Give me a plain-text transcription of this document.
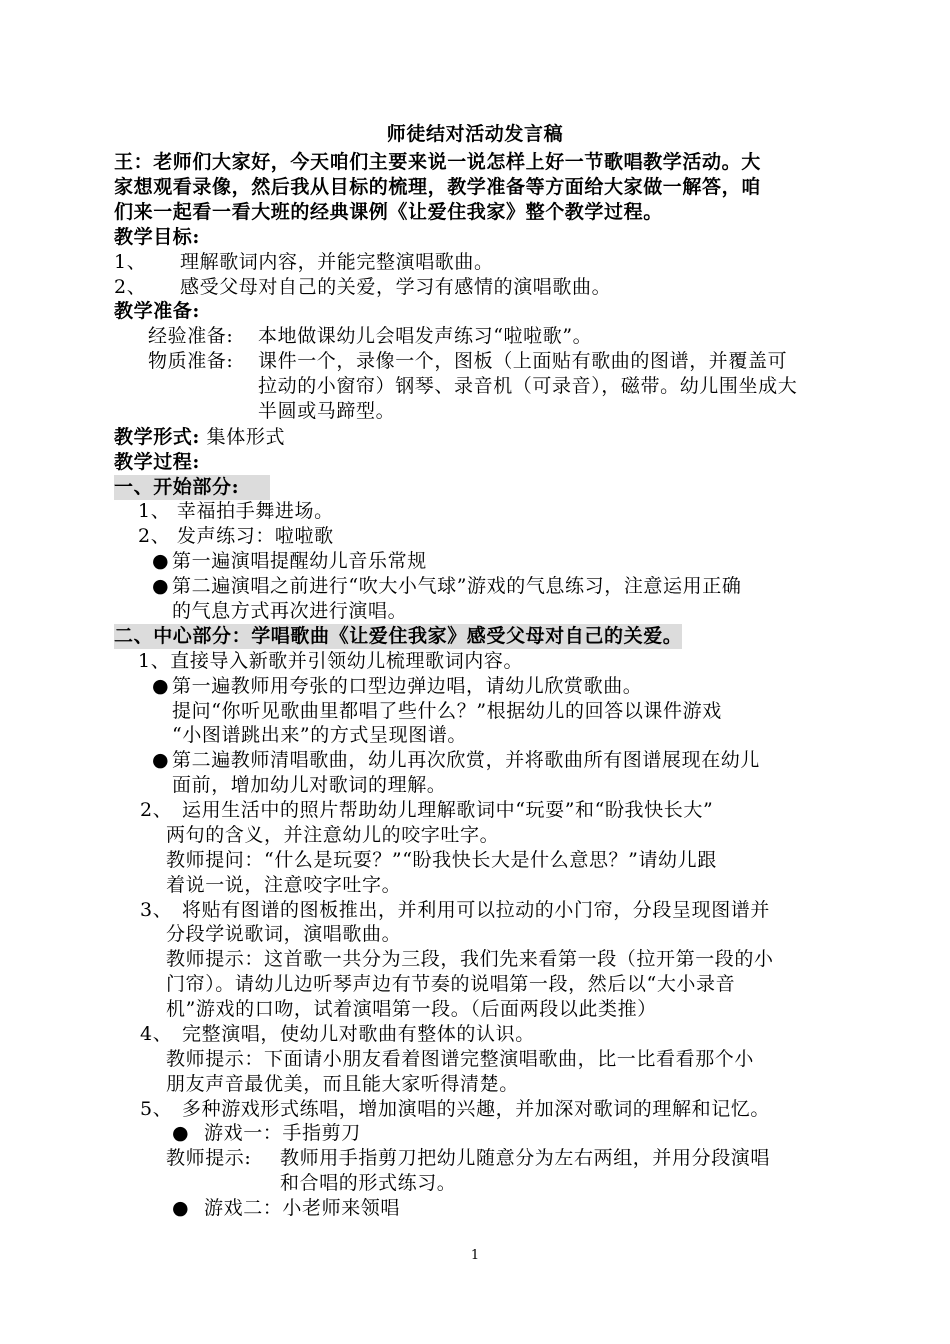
师徒结对活动发言稿
王：老师们大家好，今天咱们主要来说一说怎样上好一节歌唱教学活动。大
家想观看录像，然后我从目标的梳理，教学准备等方面给大家做一解答，咱
们来一起看一看大班的经典课例《让爱住我家》整个教学过程。
教学目标:
1、 理解歌词内容，并能完整演唱歌曲。
2、 感受父母对自己的关爱，学习有感情的演唱歌曲。
教学准备:
经验准备: 本地做课幼儿会唱发声练习“啦啦歌”。
物质准备: 课件一个，录像一个，图板（上面贴有歌曲的图谱，并覆盖可
拉动的小窗帘）钢琴、录音机（可录音），磁带。幼儿围坐成大
半圆或马蹄型。
教学形式: 集体形式
教学过程:
一、开始部分:
1、 幸福拍手舞进场。
2、 发声练习：啦啦歌
● 第一遍演唱提醒幼儿音乐常规
● 第二遍演唱之前进行“吹大小气球”游戏的气息练习，注意运用正确
的气息方式再次进行演唱。
二、中心部分：学唱歌曲《让爱住我家》感受父母对自己的关爱。
1、直接导入新歌并引领幼儿梳理歌词内容。
● 第一遍教师用夸张的口型边弹边唱，请幼儿欣赏歌曲。
提问“你听见歌曲里都唱了些什么？”根据幼儿的回答以课件游戏
“小图谱跳出来”的方式呈现图谱。
● 第二遍教师清唱歌曲，幼儿再次欣赏，并将歌曲所有图谱展现在幼儿
面前，增加幼儿对歌词的理解。
2、 运用生活中的照片帮助幼儿理解歌词中“玩耍”和“盼我快长大”
两句的含义，并注意幼儿的咬字吐字。
教师提问：“什么是玩耍？”“盼我快长大是什么意思？”请幼儿跟
着说一说，注意咬字吐字。
3、 将贴有图谱的图板推出，并利用可以拉动的小门帘，分段呈现图谱并
分段学说歌词，演唱歌曲。
教师提示：这首歌一共分为三段，我们先来看第一段（拉开第一段的小
门帘）。请幼儿边听琴声边有节奏的说唱第一段，然后以“大小录音
机”游戏的口吻，试着演唱第一段。（后面两段以此类推）
4、 完整演唱，使幼儿对歌曲有整体的认识。
教师提示：下面请小朋友看着图谱完整演唱歌曲，比一比看看那个小
朋友声音最优美，而且能大家听得清楚。
5、 多种游戏形式练唱，增加演唱的兴趣，并加深对歌词的理解和记忆。
● 游戏一：手指剪刀
教师提示: 教师用手指剪刀把幼儿随意分为左右两组，并用分段演唱
和合唱的形式练习。
● 游戏二：小老师来领唱
1
